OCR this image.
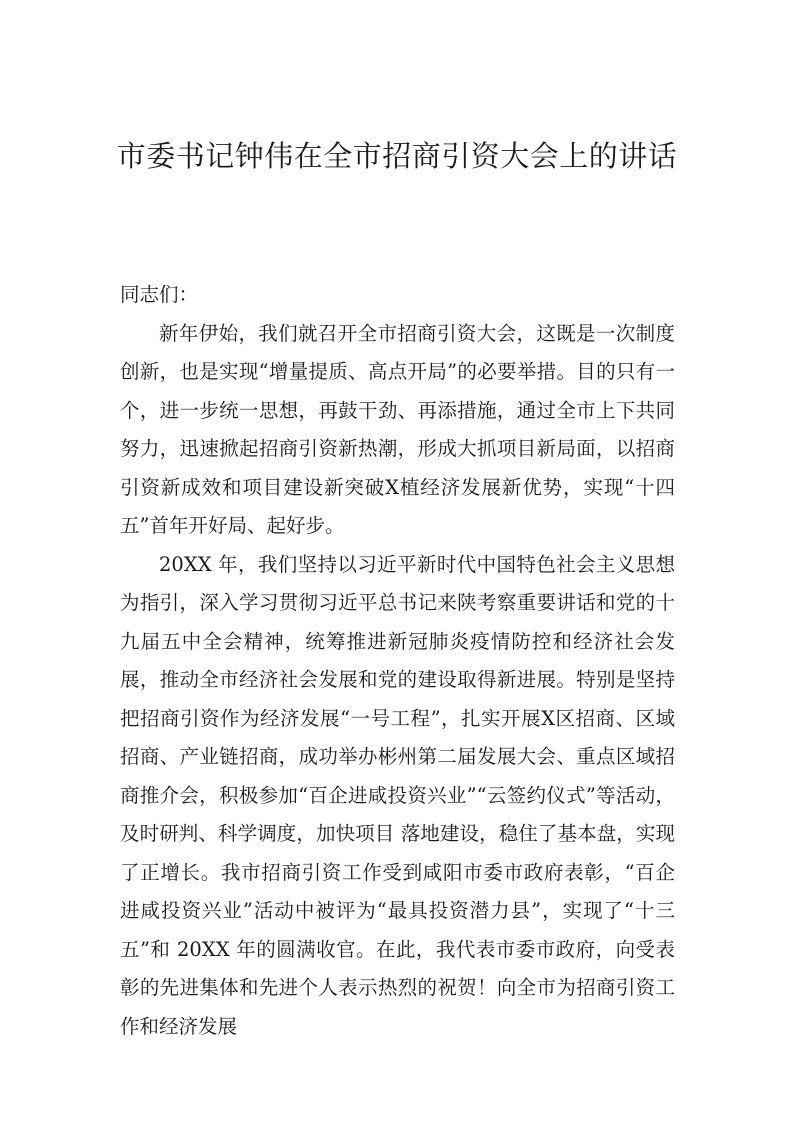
市委书记钟伟在全市招商引资大会上的讲话

同志们：

新年伊始，我们就召开全市招商引资大会，这既是一次制度创新，也是实现“增量提质、高点开局”的必要举措。目的只有一个，进一步统一思想，再鼓干劲、再添措施，通过全市上下共同努力，迅速掀起招商引资新热潮，形成大抓项目新局面，以招商引资新成效和项目建设新突破X植经济发展新优势，实现“十四五”首年开好局、起好步。

20XX 年，我们坚持以习近平新时代中国特色社会主义思想为指引，深入学习贯彻习近平总书记来陕考察重要讲话和党的十九届五中全会精神，统筹推进新冠肺炎疫情防控和经济社会发展，推动全市经济社会发展和党的建设取得新进展。特别是坚持把招商引资作为经济发展“一号工程”，扎实开展X区招商、区域招商、产业链招商，成功举办彬州第二届发展大会、重点区域招商推介会，积极参加“百企进咸投资兴业”“云签约仪式”等活动，及时研判、科学调度，加快项目 落地建设，稳住了基本盘，实现了正增长。我市招商引资工作受到咸阳市委市政府表彰，“百企进咸投资兴业”活动中被评为“最具投资潜力县”，实现了“十三五”和 20XX 年的圆满收官。在此，我代表市委市政府，向受表彰的先进集体和先进个人表示热烈的祝贺！向全市为招商引资工作和经济发展
